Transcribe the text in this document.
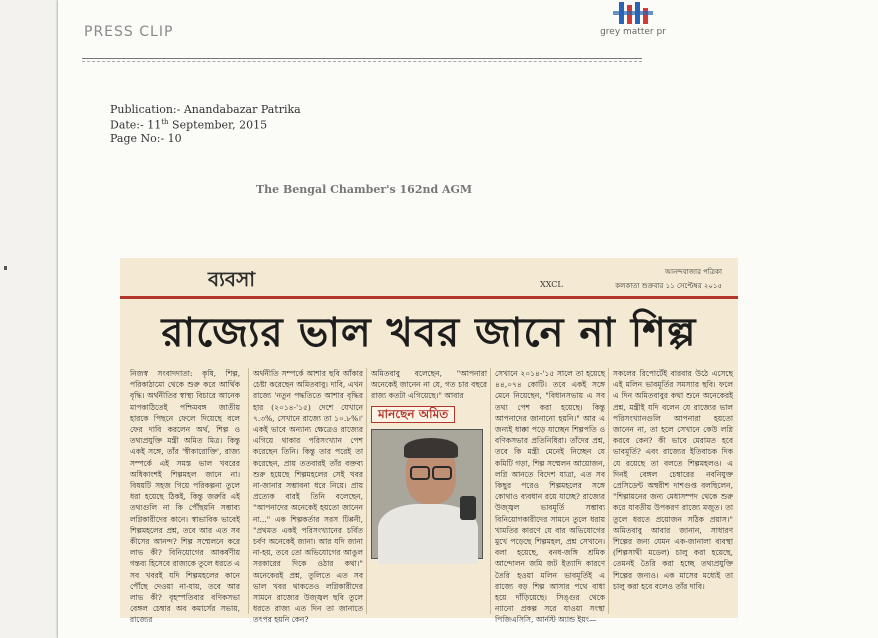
PRESS CLIP	grey matter pr
Publication:- Anandabazar Patrika
Date:- 11th September, 2015
Page No:- 10
The Bengal Chamber's 162nd AGM
ব্যবসা	XXCL
আনন্দবাজার পত্রিকা
কলকাতা শুক্রবার ১১ সেপ্টেম্বর ২০১৫
রাজ্যের ভাল খবর জানে না শিল্প
নিজস্ব সংবাদদাতা: কৃষি, শিল্প, পরিকাঠামো থেকে শুরু করে আর্থিক বৃদ্ধি। অর্থনীতির স্বাস্থ্য বিচারে আনেক মাপকাঠিতেই পশ্চিমবঙ্গ জাতীয় হারকে পিছনে ফেলে দিয়েছে বলে ফের দাবি করলেন অর্থ, শিল্প ও তথ্যপ্রযুক্তি মন্ত্রী অমিত মিত্র। কিন্তু একই সঙ্গে, তাঁর 'স্বীকারোক্তি', রাজ্য সম্পর্কে এই সমস্ত ভাল খবরের অধিকাংশই শিল্পমহল জানে না। বিষয়টি সহজ গিয়ে পরিকল্পনা তুলে ধরা হয়েছে ঠিকই, কিন্তু জরুরি এই তথ্যগুলি না কি পৌঁছয়নি সম্ভাব্য লগ্নিকারীদের কানে। স্বাভাবিক ভাবেই শিল্পমহলের প্রশ্ন, তবে আর এত সব কীসের আনন্দ? শিল্প সম্মেলনে করে লাভ কী? বিনিয়োগের আকর্ষণীয় গন্তব্য হিসেবে রাজ্যকে তুলে ধরতে এ সব খবরই যদি শিল্পমহলের কানে পৌঁছে দেওয়া না-যায়, তবে আর লাভ কী? বৃহস্পতিবার বণিকসভা বেঙ্গল চেম্বার অব কমার্সের সভায়, রাজ্যের
অর্থনীতি সম্পর্কে আশার ছবি আঁকার চেষ্টা করেছেন অমিতবাবু। দাবি, এখন রাজ্যে 'নতুন পদ্ধতিতে আশার বৃদ্ধির হার (২০১৪-'১৫) দেশে যেখানে ৭.৩%, সেখানে রাজ্যে তা ১০.৮%।' একই ভাবে অন্যান্য ক্ষেত্রেও রাজ্যের এগিয়ে থাকার পরিসংখ্যান পেশ করেছেন তিনি। কিন্তু তার পরেই তা করেছেন, প্রায় ততবারই তাঁর বক্তব্য শুরু হয়েছে শিল্পমহলের সেই খবর না-জানার সম্ভাবনা ধরে নিয়ে। প্রায় প্রত্যেক বারই তিনি বলেছেন, "আপনাদের অনেকেই হয়তো জানেন না..." এক শিল্পকর্তার সরস টিপ্পনী, "প্রথমত একই পরিসংখ্যানের চর্বিত চর্বণ অনেকেই জানা। আর যদি জানা না-হয়, তবে তো অভিযোগের আঙুল সরকারের দিকে ওঠার কথা।" অনেকেরই প্রশ্ন, তুলিতে এত সব ভাল খবর থাকতেও লগ্নিকারীদের সামনে রাজ্যের উজ্জ্বল ছবি তুলে ধরতে রাজ্য এত দিন তা জানাতে তৎপর হয়নি কেন?
অমিতবাবু বলেছেন, "আপনারা অনেকেই জানেন না যে, গত চার বছরে রাজ্য কতটা এগিয়েছে।" আবার
মানছেন অমিত
সেখানে ২০১৪-'১৫ সালে তা হয়েছে ৪৪,০৭৪ কোটি। তবে একই সঙ্গে মেনে নিয়েছেন, "বিধানসভায় এ সব তথ্য পেশ করা হয়েছে। কিন্তু আপনাদের জানানো হয়নি।" আর এ জন্যই ধাক্কা পড়ে যাচ্ছেন শিল্পপতি ও বণিকসভার প্রতিনিধিরা। তাঁদের প্রশ্ন, তবে কি মন্ত্রী মেনেই নিচ্ছেন যে কমিটি গড়া, শিল্প সম্মেলন আয়োজন, লগ্নি আনতে বিদেশ যাত্রা, এত সব কিছুর পরেও শিল্পমহলের সঙ্গে কোথাও ব্যবধান রয়ে যাচ্ছে? রাজ্যের উজ্জ্বল ভাবমূর্তি সম্ভাব্য বিনিয়োগকারীদের সামনে তুলে ধরায় খামতির কারণে যে বার অভিযোগের মুখে পড়েছে শিল্পমহল, প্রশ্ন সেখানে। বলা হয়েছে, বনধ-জঙ্গি শ্রমিক আন্দোলন জমি জট ইত্যাদি কারণে তৈরি হওয়া মলিন ভাবমূর্তিই এ রাজ্যে বড় শিল্প আসার পথে বাধা হয়ে দাঁড়িয়েছে। সিঙ্গুর থেকে ন্যানো প্রকল্প সরে যাওয়া সংস্থা পিজিএসিসি, আর্নস্ট অ্যান্ড ইয়ং—
সকলের রিপোর্টেই বারবার উঠে এসেছে এই মলিন ভাবমূর্তির সমস্যার ছবি। ফলে এ দিন অমিতবাবুর কথা শুনে অনেকেরই প্রশ্ন, মন্ত্রীই যদি বলেন যে রাজ্যের ভাল পরিসংখ্যানগুলি আপনারা হয়তো জানেন না, তা হলে সেখানে কেউ লগ্নি করবে কেন? কী ভাবে মেরামত হবে ভাবমূর্তি? এবং রাজ্যের ইতিবাচক দিক যে রয়েছে তা বলতে শিল্পমহলও। এ দিনই বেঙ্গল চেম্বারের নবনিযুক্ত প্রেসিডেন্ট অম্বরীশ দাশগুপ্ত বলছিলেন, "শিল্পায়নের জন্য মেধাসম্পদ থেকে শুরু করে যাবতীয় উপকরণ রাজ্যে মজুত। তা তুলে ধরতে প্রয়োজন সঠিক প্রয়াস।" অমিতবাবু আবার জানান, সাধারণ শিল্পের জন্য যেমন এক-জানালা ব্যবস্থা (শিল্পসাথী মডেল) চালু করা হয়েছে, তেমনই তৈরি করা হচ্ছে তথ্যপ্রযুক্তি শিল্পের জন্যও। এক মাসের মধ্যেই তা চালু করা হবে বলেও তাঁর দাবি।
